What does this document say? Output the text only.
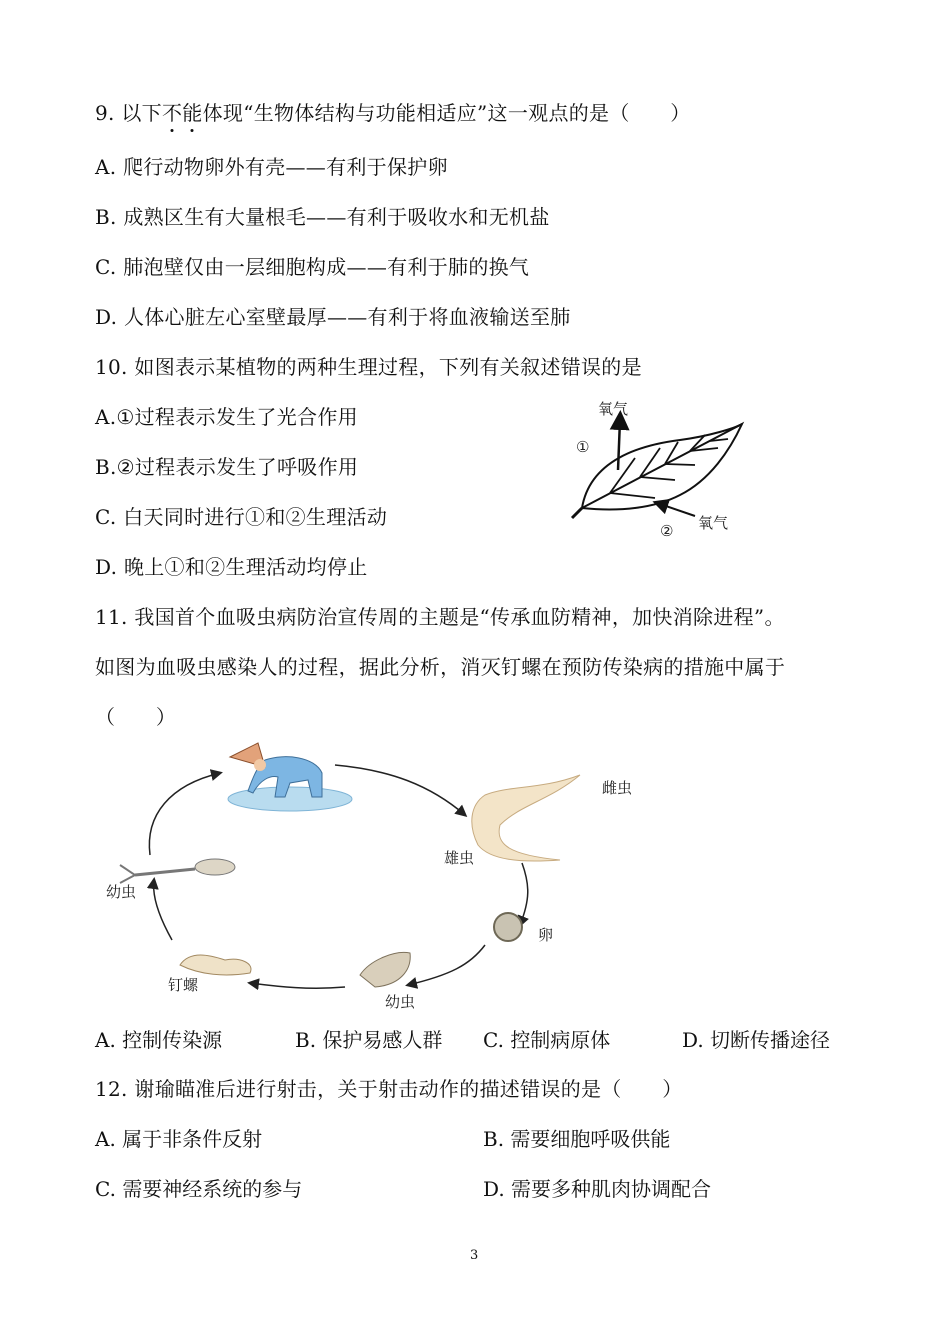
9. 以下不能体现“生物体结构与功能相适应”这一观点的是（　　）
A. 爬行动物卵外有壳——有利于保护卵
B. 成熟区生有大量根毛——有利于吸收水和无机盐
C. 肺泡壁仅由一层细胞构成——有利于肺的换气
D. 人体心脏左心室壁最厚——有利于将血液输送至肺
10. 如图表示某植物的两种生理过程，下列有关叙述错误的是
A.①过程表示发生了光合作用
B.②过程表示发生了呼吸作用
C. 白天同时进行①和②生理活动
D. 晚上①和②生理活动均停止
氧气
①
氧气
②
11. 我国首个血吸虫病防治宣传周的主题是“传承血防精神，加快消除进程”。
如图为血吸虫感染人的过程，据此分析，消灭钉螺在预防传染病的措施中属于
（　　）
雌虫
雄虫
卵
幼虫
钉螺
幼虫
A. 控制传染源	B. 保护易感人群 C. 控制病原体	D. 切断传播途径
12. 谢瑜瞄准后进行射击，关于射击动作的描述错误的是（　　）
A. 属于非条件反射	B. 需要细胞呼吸供能
C. 需要神经系统的参与	D. 需要多种肌肉协调配合
3
